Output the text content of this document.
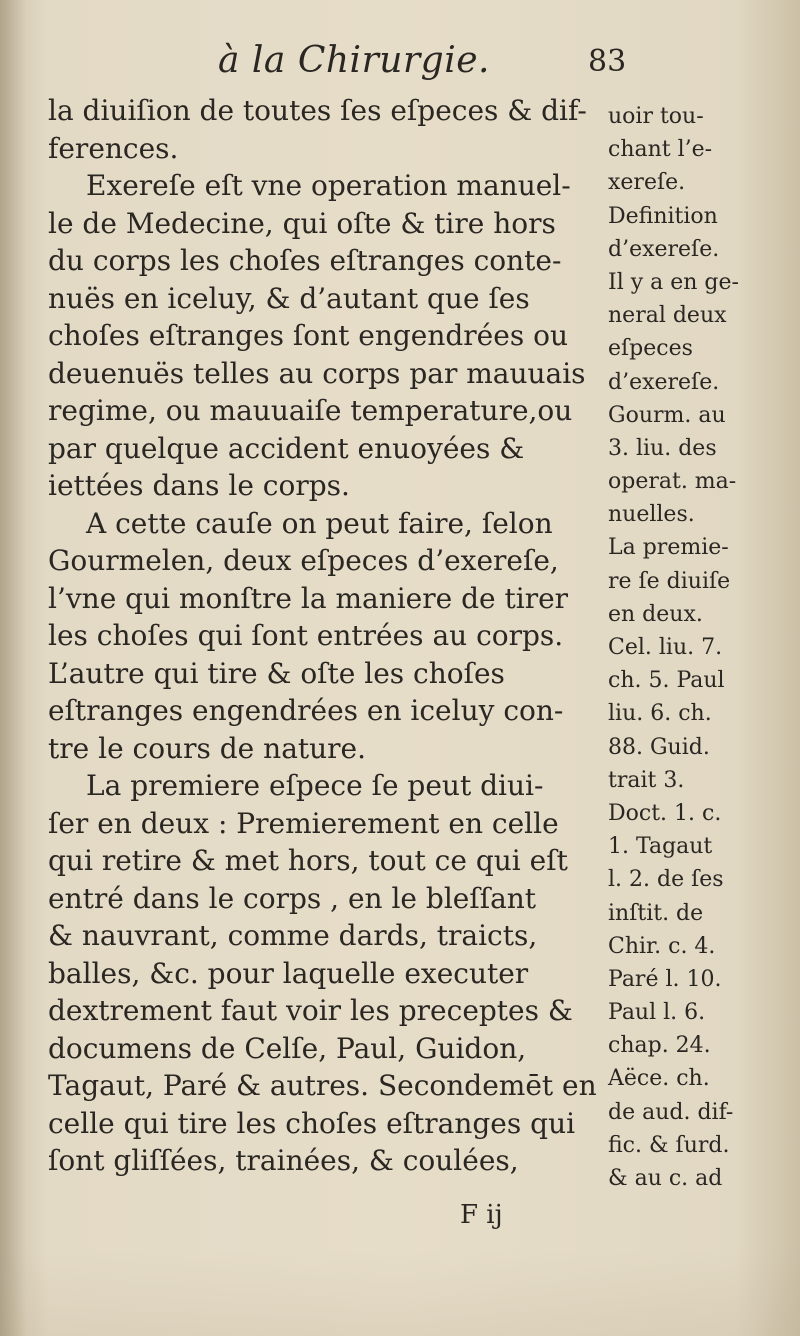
à la Chirurgie.	83
la diuiſion de toutes ſes eſpeces & dif-
ferences.
Exereſe eſt vne operation manuel-
le de Medecine, qui oſte & tire hors
du corps les choſes eſtranges conte-
nuës en iceluy, & d’autant que ſes
choſes eſtranges ſont engendrées ou
deuenuës telles au corps par mauuais
regime, ou mauuaiſe temperature,ou
par quelque accident enuoyées &
iettées dans le corps.
A cette cauſe on peut faire, ſelon
Gourmelen, deux eſpeces d’exereſe,
l’vne qui monſtre la maniere de tirer
les choſes qui ſont entrées au corps.
L’autre qui tire & oſte les choſes
eſtranges engendrées en iceluy con-
tre le cours de nature.
La premiere eſpece ſe peut diui-
ſer en deux : Premierement en celle
qui retire & met hors, tout ce qui eſt
entré dans le corps , en le bleſſant
& nauvrant, comme dards, traicts,
balles, &c. pour laquelle executer
dextrement faut voir les preceptes &
documens de Celſe, Paul, Guidon,
Tagaut, Paré & autres. Secondemēt en
celle qui tire les choſes eſtranges qui
ſont gliſſées, trainées, & coulées,
uoir tou-
chant l’e-
xereſe.
Definition
d’exereſe.
Il y a en ge-
neral deux
eſpeces
d’exereſe.
Gourm. au
3. liu. des
operat. ma-
nuelles.
La premie-
re ſe diuiſe
en deux.
Cel. liu. 7.
ch. 5. Paul
liu. 6. ch.
88. Guid.
trait 3.
Doct. 1. c.
1. Tagaut
l. 2. de ſes
inſtit. de
Chir. c. 4.
Paré l. 10.
Paul l. 6.
chap. 24.
Aëce. ch.
de aud. dif-
fic. & ſurd.
& au c. ad
F ij
